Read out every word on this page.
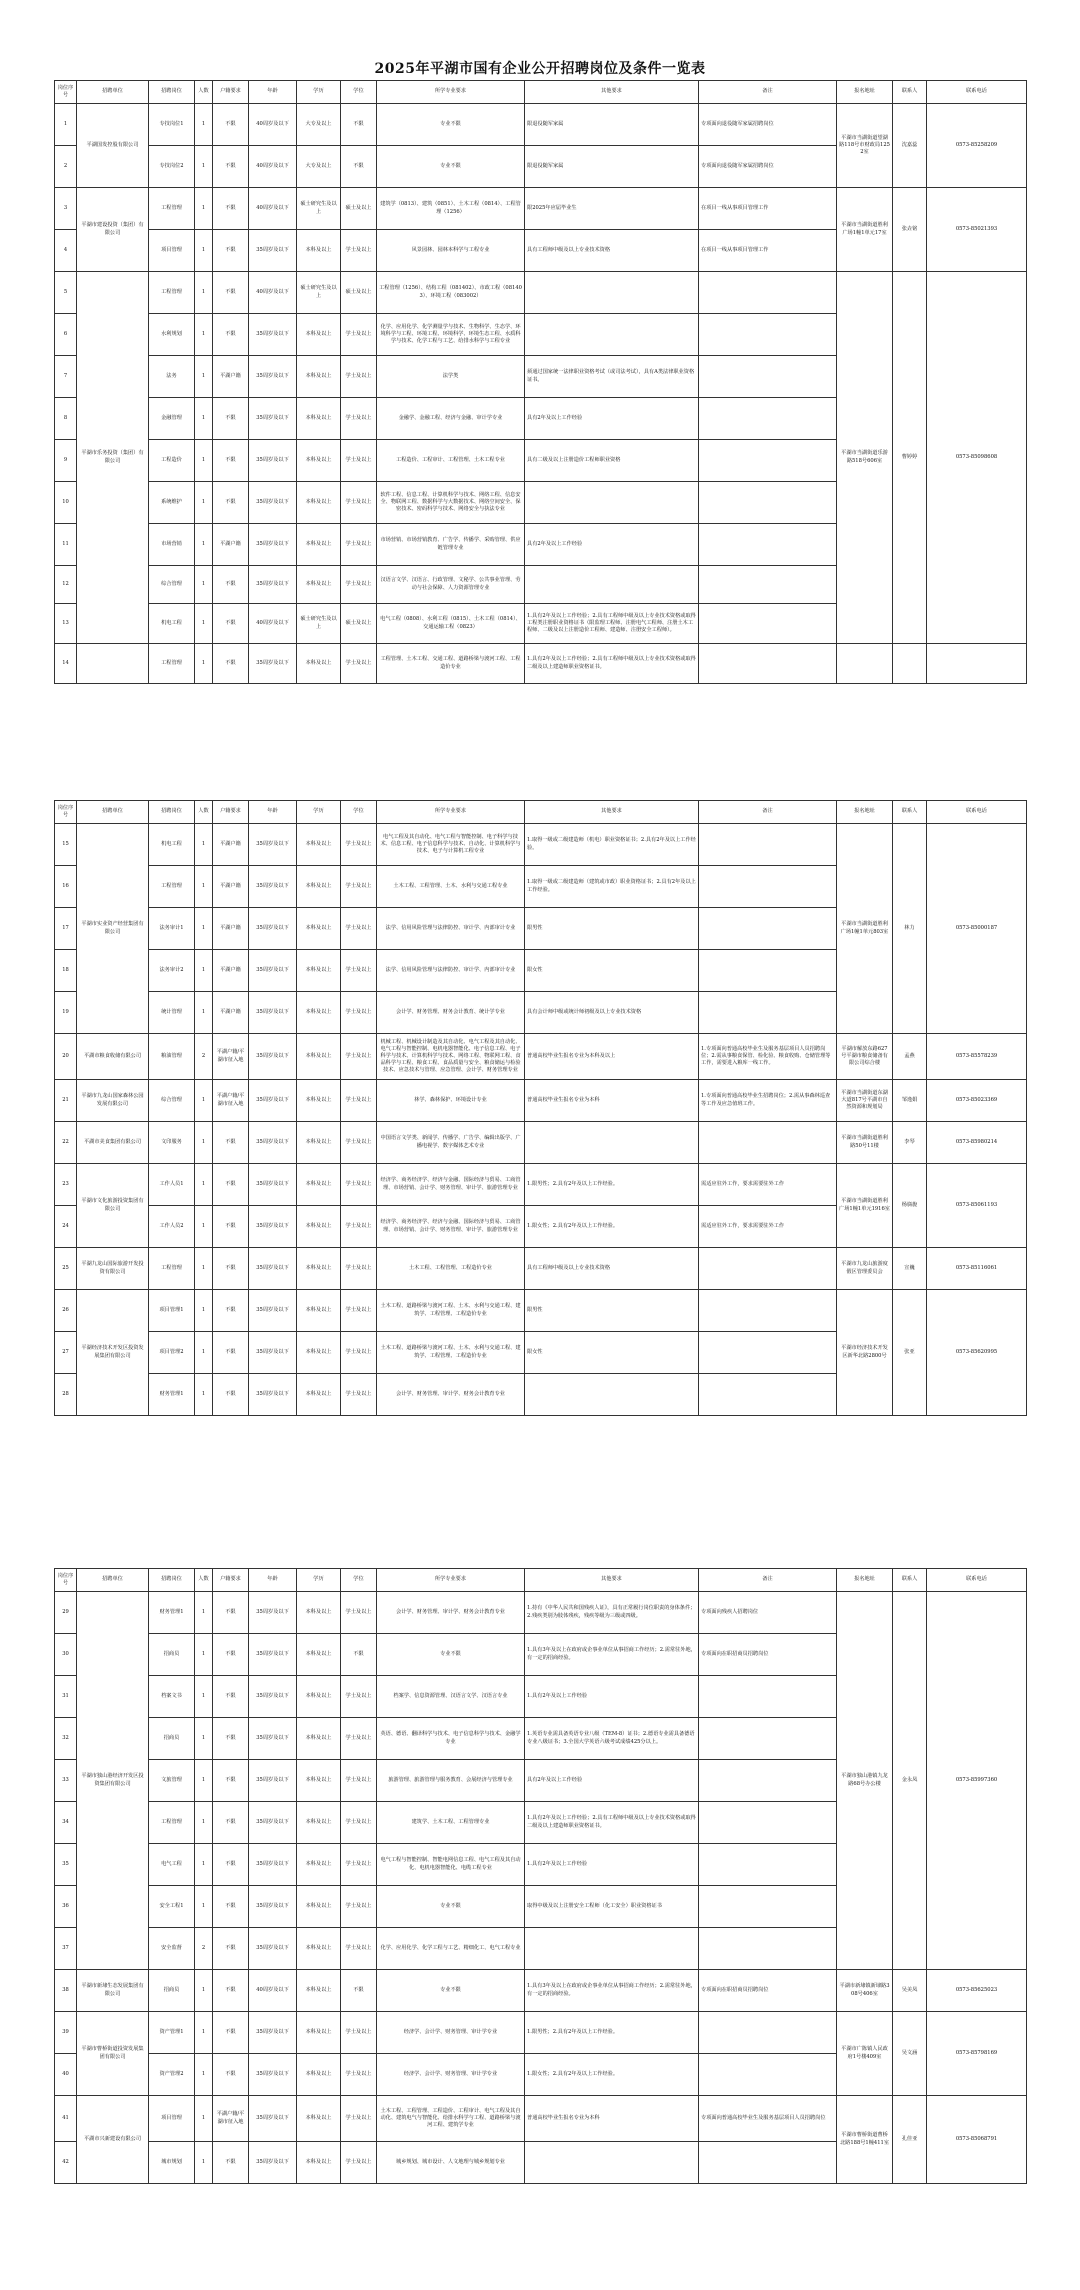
2025年平湖市国有企业公开招聘岗位及条件一览表
岗位序号	招聘单位	招聘岗位	人数	户籍要求	年龄	学历	学位	所学专业要求	其他要求	备注	报名地址	联系人	联系电话
1	平湖国发控股有限公司	专技岗位1	1	不限	40周岁及以下	大专及以上	不限	专业不限	限退役随军家属	专项面向退役随军家属招聘岗位	平湖市当湖街道望湖路118号市财政局1252室	沈嘉蕊	0573-85258209
2		专技岗位2	1	不限	40周岁及以下	大专及以上	不限	专业不限	限退役随军家属	专项面向退役随军家属招聘岗位			
3	平湖市建设投资（集团）有限公司	工程管理	1	不限	40周岁及以下	硕士研究生及以上	硕士及以上	建筑学（0813）、建筑（0851）、土木工程（0814）、工程管理（1256）	限2025年应届毕业生	在项目一线从事项目管理工作	平湖市当湖街道胜利广场1幢1单元17室	张垚铭	0573-85021393
4		项目管理	1	不限	35周岁及以下	本科及以上	学士及以上	风景园林、园林本科学与工程专业	具有工程师中级及以上专业技术资格	在项目一线从事项目管理工作			
5	平湖市乐务投资（集团）有限公司	工程管理	1	不限	40周岁及以下	硕士研究生及以上	硕士及以上	工程管理（1256）、结构工程（081402）、市政工程（081403）、环境工程（083002）			平湖市当湖街道乐游路518号606室	曹婷婷	0573-85098608
6		水利规划	1	不限	35周岁及以下	本科及以上	学士及以上	化学、应用化学、化学测量学与技术、生物科学、生态学、环境科学与工程、环境工程、环境科学、环境生态工程、水质科学与技术、化学工程与工艺、给排水科学与工程专业					
7		法务	1	平湖户籍	35周岁及以下	本科及以上	学士及以上	法学类	须通过国家统一法律职业资格考试（或司法考试），具有A类法律职业资格证书。				
8		金融管理	1	不限	35周岁及以下	本科及以上	学士及以上	金融学、金融工程、经济与金融、审计学专业	具有2年及以上工作经验				
9		工程造价	1	不限	35周岁及以下	本科及以上	学士及以上	工程造价、工程审计、工程管理、土木工程专业	具有二级及以上注册造价工程师职业资格				
10		系统维护	1	不限	35周岁及以下	本科及以上	学士及以上	软件工程、信息工程、计算机科学与技术、网络工程、信息安全、物联网工程、数据科学与大数据技术、网络空间安全、保密技术、密码科学与技术、网络安全与执法专业					
11		市场营销	1	平湖户籍	35周岁及以下	本科及以上	学士及以上	市场营销、市场营销教育、广告学、传播学、采购管理、供应链管理专业	具有2年及以上工作经验				
12		综合管理	1	不限	35周岁及以下	本科及以上	学士及以上	汉语言文学、汉语言、行政管理、文秘学、公共事业管理、劳动与社会保障、人力资源管理专业					
13		机电工程	1	不限	40周岁及以下	硕士研究生及以上	硕士及以上	电气工程（0808）、水利工程（0815）、土木工程（0814）、交通运输工程（0823）	1.具有2年及以上工作经验；2.具有工程师中级及以上专业技术资格或取得工程类注册职业资格证书（限监理工程师、注册电气工程师、注册土木工程师、二级及以上注册造价工程师、建造师、注册安全工程师）。				
14		工程管理	1	不限	35周岁及以下	本科及以上	学士及以上	工程管理、土木工程、交通工程、道路桥梁与渡河工程、工程造价专业	1.具有2年及以上工作经验；2.具有工程师中级及以上专业技术资格或取得二级及以上建造师职业资格证书。				
岗位序号	招聘单位	招聘岗位	人数	户籍要求	年龄	学历	学位	所学专业要求	其他要求	备注	报名地址	联系人	联系电话
15	平湖市实业资产经营集团有限公司	机电工程	1	平湖户籍	35周岁及以下	本科及以上	学士及以上	电气工程及其自动化、电气工程与智能控制、电子科学与技术、信息工程、电子信息科学与技术、自动化、计算机科学与技术、电子与计算机工程专业	1.取得一级或二级建造师（机电）职业资格证书；2.具有2年及以上工作经验。		平湖市当湖街道胜利广场1幢1单元803室	林力	0573-85000187
16		工程管理	1	平湖户籍	35周岁及以下	本科及以上	学士及以上	土木工程、工程管理、土木、水利与交通工程专业	1.取得一级或二级建造师（建筑或市政）职业资格证书；2.具有2年及以上工作经验。				
17		法务审计1	1	平湖户籍	35周岁及以下	本科及以上	学士及以上	法学、信用风险管理与法律防控、审计学、内部审计专业	限男性				
18		法务审计2	1	平湖户籍	35周岁及以下	本科及以上	学士及以上	法学、信用风险管理与法律防控、审计学、内部审计专业	限女性				
19		统计管理	1	平湖户籍	35周岁及以下	本科及以上	学士及以上	会计学、财务管理、财务会计教育、统计学专业	具有会计师中级或统计师初级及以上专业技术资格				
20	平湖市粮食收储有限公司	粮油管理	2	平湖户籍/平湖市征入地	35周岁及以下	本科及以上	学士及以上	机械工程、机械设计制造及其自动化、电气工程及其自动化、电气工程与智能控制、电机电器智能化、电子信息工程、电子科学与技术、计算机科学与技术、网络工程、物联网工程、食品科学与工程、粮食工程、食品质量与安全、粮食储运与检验技术、应急技术与管理、应急管理、会计学、财务管理专业	普通高校毕业生报名专业为本科及以上	1.专项面向普通高校毕业生及服务基层项目人员招聘岗位；2.需从事粮食保管、检化验、粮食收购、仓储管理等工作，需要进入粮库一线工作。	平湖市解放东路627号平湖市粮食储备有限公司综合楼	孟燕	0573-85578239
21	平湖市九龙山国家森林公园发展有限公司	综合管理	1	平湖户籍/平湖市征入地	35周岁及以下	本科及以上	学士及以上	林学、森林保护、环境设计专业	普通高校毕业生报名专业为本科	1.专项面向普通高校毕业生招聘岗位；2.需从事森林巡查等工作及应急值班工作。	平湖市当湖街道东湖大道817号平湖市自然资源和规划局	邹逸娟	0573-85023369
22	平湖市美食集团有限公司	文印服务	1	不限	35周岁及以下	本科及以上	学士及以上	中国语言文学类、新闻学、传播学、广告学、编辑出版学、广播电视学、数字媒体艺术专业			平湖市当湖街道胜利路50号11楼	李琴	0573-85980214
23	平湖市文化旅游投资集团有限公司	工作人员1	1	不限	35周岁及以下	本科及以上	学士及以上	经济学、商务经济学、经济与金融、国际经济与贸易、工商管理、市场营销、会计学、财务管理、审计学、旅游管理专业	1.限男性；2.具有2年及以上工作经验。	需适应驻外工作，要求需要驻外工作	平湖市当湖街道胜利广场1幢1单元1916室	杨旖旎	0573-85061193
24		工作人员2	1	不限	35周岁及以下	本科及以上	学士及以上	经济学、商务经济学、经济与金融、国际经济与贸易、工商管理、市场营销、会计学、财务管理、审计学、旅游管理专业	1.限女性；2.具有2年及以上工作经验。	需适应驻外工作，要求需要驻外工作			
25	平湖九龙山国际旅游开发投资有限公司	工程管理	1	不限	35周岁及以下	本科及以上	学士及以上	土木工程、工程管理、工程造价专业	具有工程师中级及以上专业技术资格		平湖市九龙山旅游度假区管理委员会	宣巍	0573-85116061
26	平湖经济技术开发区投资发展集团有限公司	项目管理1	1	不限	35周岁及以下	本科及以上	学士及以上	土木工程、道路桥梁与渡河工程、土木、水利与交通工程、建筑学、工程管理、工程造价专业	限男性		平湖市经济技术开发区新华北路2800号	张亚	0573-85620995
27		项目管理2	1	不限	35周岁及以下	本科及以上	学士及以上	土木工程、道路桥梁与渡河工程、土木、水利与交通工程、建筑学、工程管理、工程造价专业	限女性				
28		财务管理1	1	不限	35周岁及以下	本科及以上	学士及以上	会计学、财务管理、审计学、财务会计教育专业					
岗位序号	招聘单位	招聘岗位	人数	户籍要求	年龄	学历	学位	所学专业要求	其他要求	备注	报名地址	联系人	联系电话
29	平湖市独山港经济开发区投资集团有限公司	财务管理1	1	不限	35周岁及以下	本科及以上	学士及以上	会计学、财务管理、审计学、财务会计教育专业	1.持有《中华人民共和国残疾人证》，具有正常履行岗位职责的身体条件；2.残疾类别为肢体残疾，残疾等级为三级或四级。	专项面向残疾人招聘岗位	平湖市独山港镇九龙路68号办公楼	金永凤	0573-85997360
30		招商员	1	不限	35周岁及以下	本科及以上	不限	专业不限	1.具有3年及以上在政府或企事业单位从事招商工作经历；2.需常驻外地，有一定的招商经验。	专项面向在职招商员招聘岗位			
31		档案文书	1	不限	35周岁及以下	本科及以上	学士及以上	档案学、信息资源管理、汉语言文学、汉语言专业	1.具有2年及以上工作经验				
32		招商员	1	不限	35周岁及以下	本科及以上	学士及以上	英语、德语、翻译科学与技术、电子信息科学与技术、金融学专业	1.英语专业需具备英语专业八级（TEM-8）证书；2.德语专业需具备德语专业八级证书；3.全国大学英语六级考试成绩425分以上。				
33		文旅管理	1	不限	35周岁及以下	本科及以上	学士及以上	旅游管理、旅游管理与服务教育、会展经济与管理专业	具有2年及以上工作经验				
34		工程管理	1	不限	35周岁及以下	本科及以上	学士及以上	建筑学、土木工程、工程管理专业	1.具有2年及以上工作经验；2.具有工程师中级及以上专业技术资格或取得二级及以上建造师职业资格证书。				
35		电气工程	1	不限	35周岁及以下	本科及以上	学士及以上	电气工程与智能控制、智能电网信息工程、电气工程及其自动化、电机电器智能化、电缆工程专业	1.具有2年及以上工作经验				
36		安全工程1	1	不限	35周岁及以下	本科及以上	学士及以上	专业不限	取得中级及以上注册安全工程师（化工安全）职业资格证书				
37		安全监督	2	不限	35周岁及以下	本科及以上	学士及以上	化学、应用化学、化学工程与工艺、精细化工、电气工程专业					
38	平湖市新埭生态发展集团有限公司	招商员	1	不限	40周岁及以下	本科及以上	不限	专业不限	1.具有3年及以上在政府或企事业单位从事招商工作经历；2.需常驻外地，有一定的招商经验。	专项面向在职招商员招聘岗位	平湖市新埭镇新埭路308号406室	吴美凤	0573-85625023
39	平湖市曹桥街道投资发展集团有限公司	资产管理1	1	不限	35周岁及以下	本科及以上	学士及以上	经济学、会计学、财务管理、审计学专业	1.限男性；2.具有2年及以上工作经验。		平湖市广陈镇人民政府1号楼409室	吴文涵	0573-85798169
40		资产管理2	1	不限	35周岁及以下	本科及以上	学士及以上	经济学、会计学、财务管理、审计学专业	1.限女性；2.具有2年及以上工作经验。				
41	平湖市兴新建设有限公司	项目管理	1	平湖户籍/平湖市征入地	35周岁及以下	本科及以上	学士及以上	土木工程、工程管理、工程造价、工程审计、电气工程及其自动化、建筑电气与智能化、给排水科学与工程、道路桥梁与渡河工程、建筑学专业	普通高校毕业生报名专业为本科	专项面向普通高校毕业生及服务基层项目人员招聘岗位	平湖市曹桥街道曹桥北路188号1幢411室	孔佳亚	0573-85068791
42		城市规划	1	不限	35周岁及以下	本科及以上	学士及以上	城乡规划、城市设计、人文地理与城乡规划专业					
